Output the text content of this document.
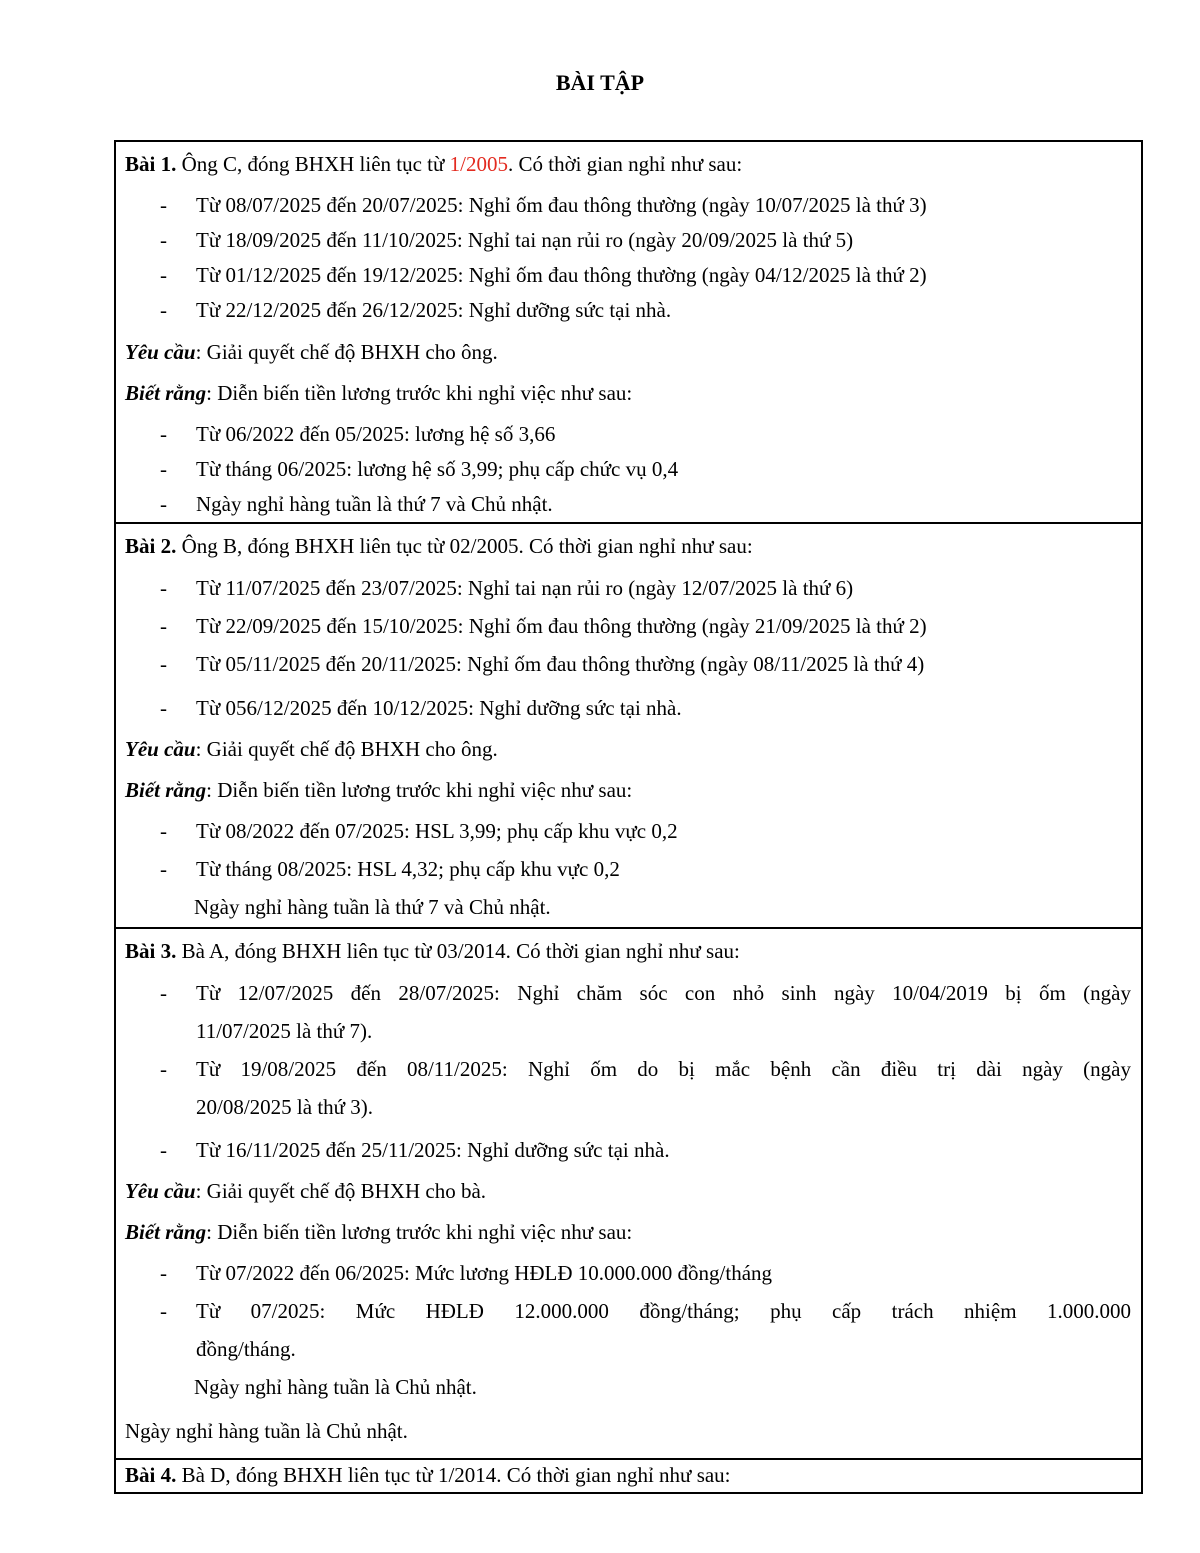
BÀI TẬP
Bài 1. Ông C, đóng BHXH liên tục từ 1/2005. Có thời gian nghỉ như sau:
- Từ 08/07/2025 đến 20/07/2025: Nghỉ ốm đau thông thường (ngày 10/07/2025 là thứ 3)
- Từ 18/09/2025 đến 11/10/2025: Nghỉ tai nạn rủi ro (ngày 20/09/2025 là thứ 5)
- Từ 01/12/2025 đến 19/12/2025: Nghỉ ốm đau thông thường (ngày 04/12/2025 là thứ 2)
- Từ 22/12/2025 đến 26/12/2025: Nghỉ dưỡng sức tại nhà.
Yêu cầu: Giải quyết chế độ BHXH cho ông.
Biết rằng: Diễn biến tiền lương trước khi nghỉ việc như sau:
- Từ 06/2022 đến 05/2025: lương hệ số 3,66
- Từ tháng 06/2025: lương hệ số 3,99; phụ cấp chức vụ 0,4
- Ngày nghỉ hàng tuần là thứ 7 và Chủ nhật.
Bài 2. Ông B, đóng BHXH liên tục từ 02/2005. Có thời gian nghỉ như sau:
- Từ 11/07/2025 đến 23/07/2025: Nghỉ tai nạn rủi ro (ngày 12/07/2025 là thứ 6)
- Từ 22/09/2025 đến 15/10/2025: Nghỉ ốm đau thông thường (ngày 21/09/2025 là thứ 2)
- Từ 05/11/2025 đến 20/11/2025: Nghỉ ốm đau thông thường (ngày 08/11/2025 là thứ 4)
- Từ 056/12/2025 đến 10/12/2025: Nghỉ dưỡng sức tại nhà.
Yêu cầu: Giải quyết chế độ BHXH cho ông.
Biết rằng: Diễn biến tiền lương trước khi nghỉ việc như sau:
- Từ 08/2022 đến 07/2025: HSL 3,99; phụ cấp khu vực 0,2
- Từ tháng 08/2025: HSL 4,32; phụ cấp khu vực 0,2
Ngày nghỉ hàng tuần là thứ 7 và Chủ nhật.
Bài 3. Bà A, đóng BHXH liên tục từ 03/2014. Có thời gian nghỉ như sau:
- Từ 12/07/2025 đến 28/07/2025: Nghỉ chăm sóc con nhỏ sinh ngày 10/04/2019 bị ốm (ngày
11/07/2025 là thứ 7).
- Từ 19/08/2025 đến 08/11/2025: Nghỉ ốm do bị mắc bệnh cần điều trị dài ngày (ngày
20/08/2025 là thứ 3).
- Từ 16/11/2025 đến 25/11/2025: Nghỉ dưỡng sức tại nhà.
Yêu cầu: Giải quyết chế độ BHXH cho bà.
Biết rằng: Diễn biến tiền lương trước khi nghỉ việc như sau:
- Từ 07/2022 đến 06/2025: Mức lương HĐLĐ 10.000.000 đồng/tháng
- Từ 07/2025: Mức HĐLĐ 12.000.000 đồng/tháng; phụ cấp trách nhiệm 1.000.000
đồng/tháng.
Ngày nghỉ hàng tuần là Chủ nhật.
Ngày nghỉ hàng tuần là Chủ nhật.
Bài 4. Bà D, đóng BHXH liên tục từ 1/2014. Có thời gian nghỉ như sau:
